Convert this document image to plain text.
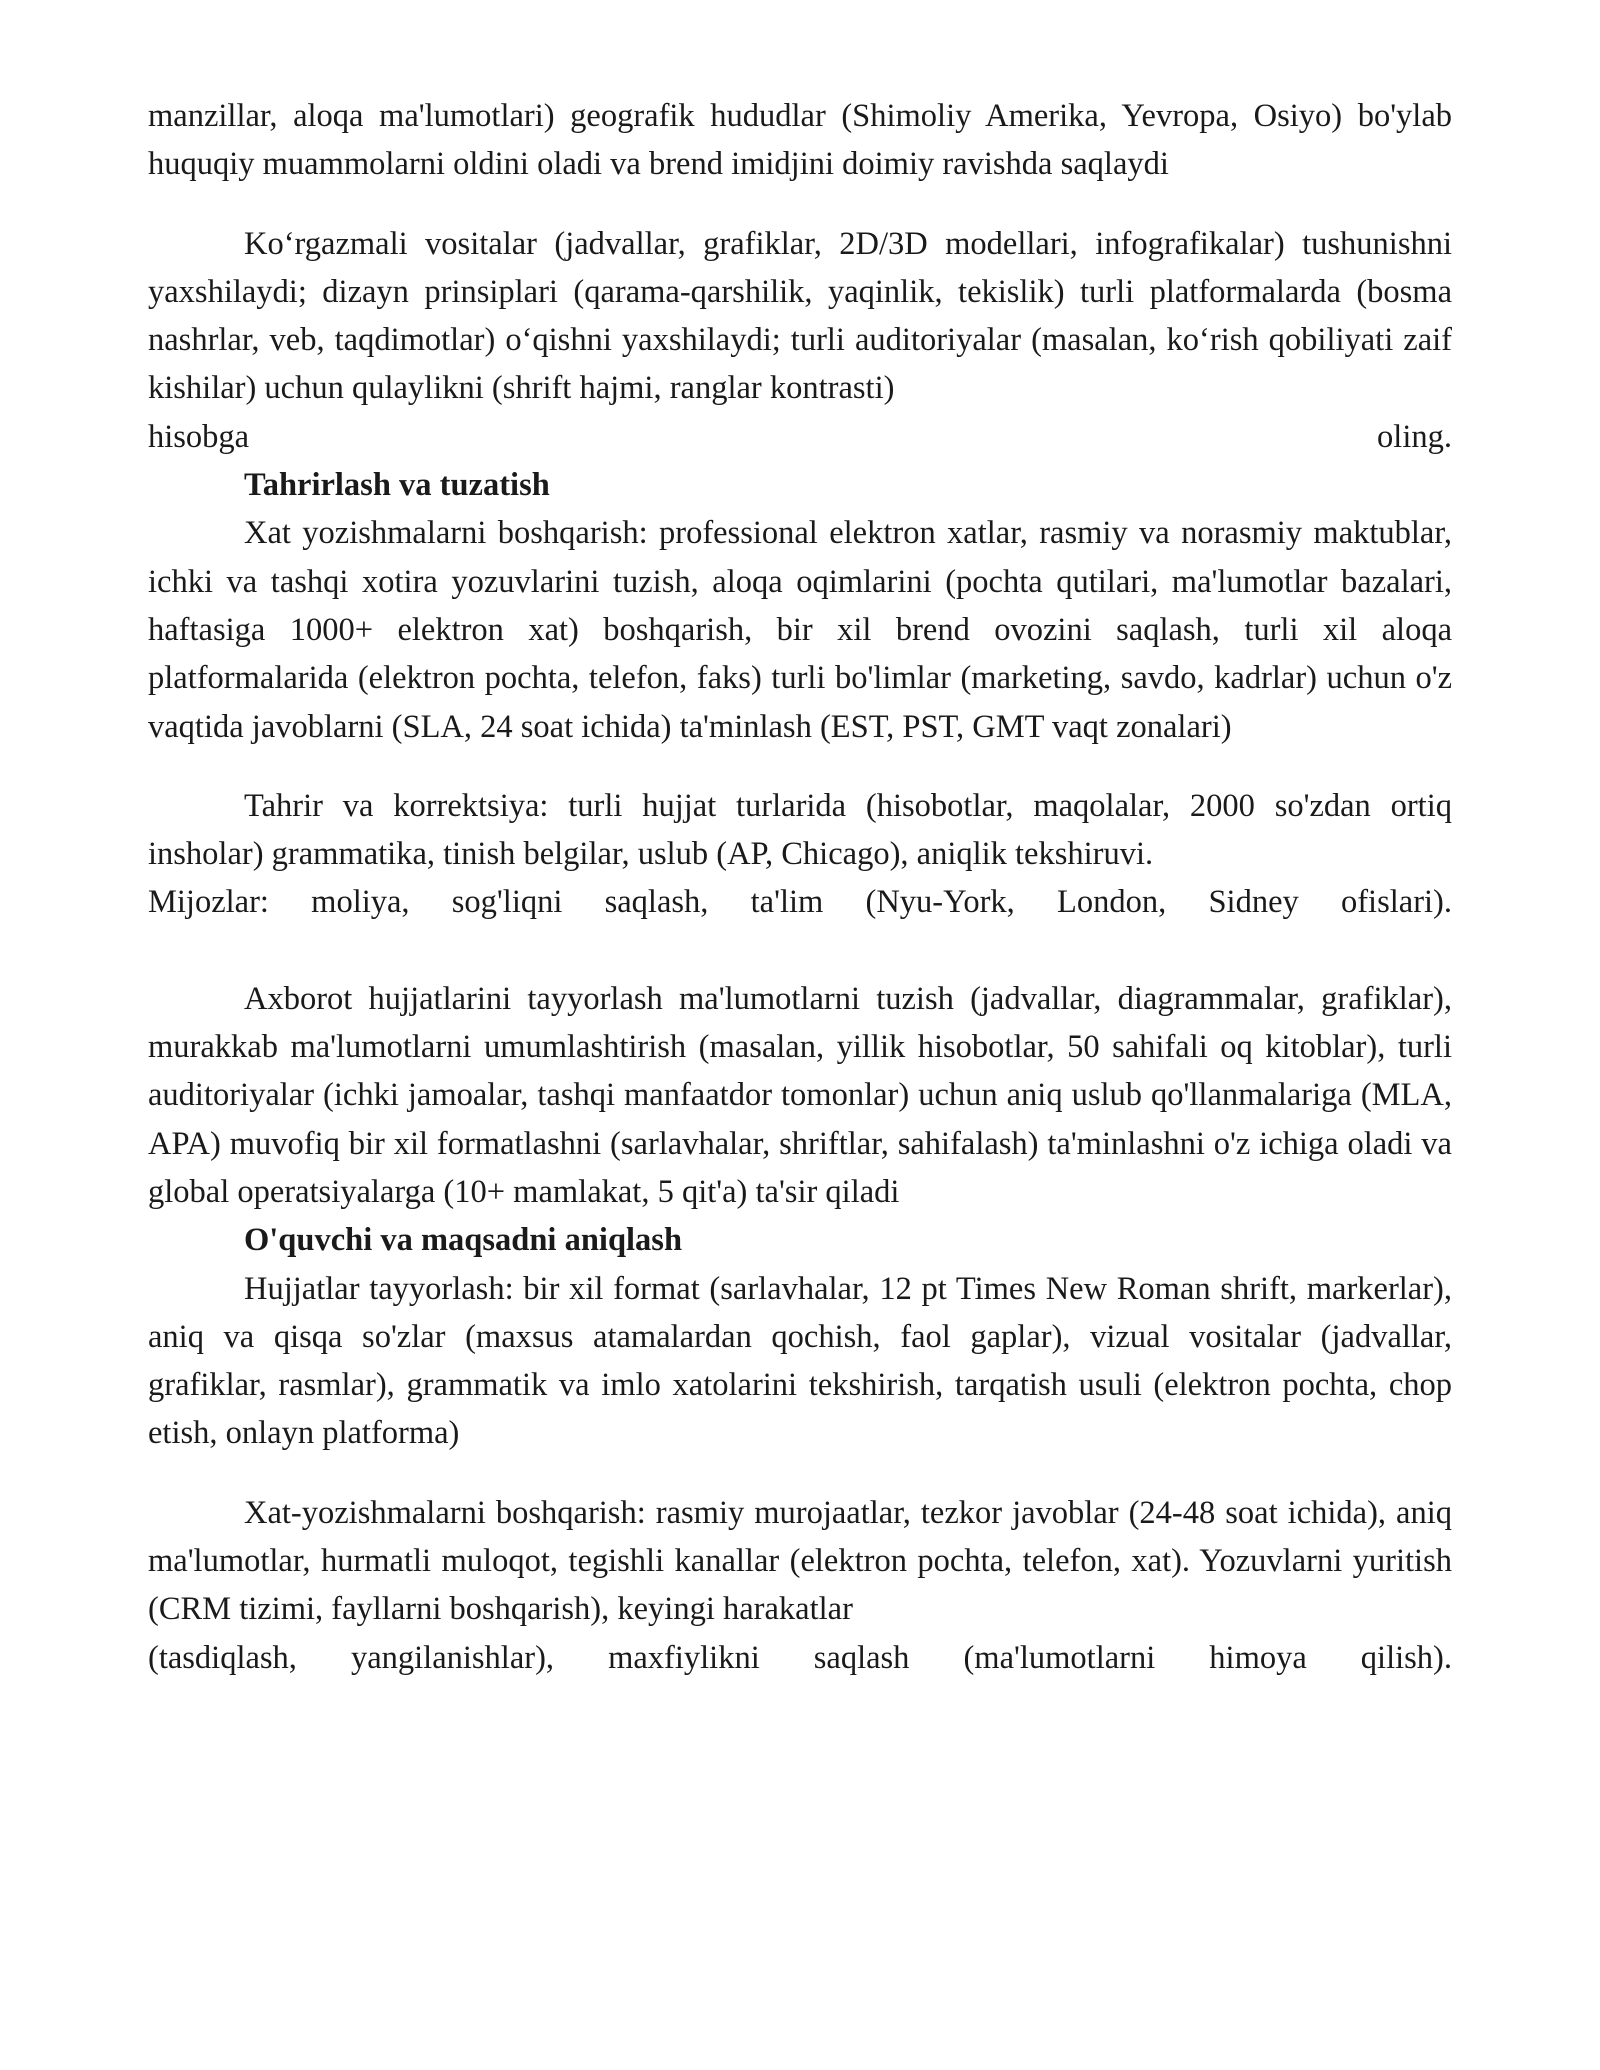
manzillar, aloqa ma'lumotlari) geografik hududlar (Shimoliy Amerika, Yevropa, Osiyo) bo'ylab huquqiy muammolarni oldini oladi va brend imidjini doimiy ravishda saqlaydi

Ko‘rgazmali vositalar (jadvallar, grafiklar, 2D/3D modellari, infografikalar) tushunishni yaxshilaydi; dizayn prinsiplari (qarama-qarshilik, yaqinlik, tekislik) turli platformalarda (bosma nashrlar, veb, taqdimotlar) o‘qishni yaxshilaydi; turli auditoriyalar (masalan, ko‘rish qobiliyati zaif kishilar) uchun qulaylikni (shrift hajmi, ranglar kontrasti)

hisobga oling.

Tahrirlash va tuzatish

Xat yozishmalarni boshqarish: professional elektron xatlar, rasmiy va norasmiy maktublar, ichki va tashqi xotira yozuvlarini tuzish, aloqa oqimlarini (pochta qutilari, ma'lumotlar bazalari, haftasiga 1000+ elektron xat) boshqarish, bir xil brend ovozini saqlash, turli xil aloqa platformalarida (elektron pochta, telefon, faks) turli bo'limlar (marketing, savdo, kadrlar) uchun o'z vaqtida javoblarni (SLA, 24 soat ichida) ta'minlash (EST, PST, GMT vaqt zonalari)

Tahrir va korrektsiya: turli hujjat turlarida (hisobotlar, maqolalar, 2000 so'zdan ortiq insholar) grammatika, tinish belgilar, uslub (AP, Chicago), aniqlik tekshiruvi.

Mijozlar: moliya, sog'liqni saqlash, ta'lim (Nyu-York, London, Sidney ofislari).

Axborot hujjatlarini tayyorlash ma'lumotlarni tuzish (jadvallar, diagrammalar, grafiklar), murakkab ma'lumotlarni umumlashtirish (masalan, yillik hisobotlar, 50 sahifali oq kitoblar), turli auditoriyalar (ichki jamoalar, tashqi manfaatdor tomonlar) uchun aniq uslub qo'llanmalariga (MLA, APA) muvofiq bir xil formatlashni (sarlavhalar, shriftlar, sahifalash) ta'minlashni o'z ichiga oladi va global operatsiyalarga (10+ mamlakat, 5 qit'a) ta'sir qiladi

O'quvchi va maqsadni aniqlash

Hujjatlar tayyorlash: bir xil format (sarlavhalar, 12 pt Times New Roman shrift, markerlar), aniq va qisqa so'zlar (maxsus atamalardan qochish, faol gaplar), vizual vositalar (jadvallar, grafiklar, rasmlar), grammatik va imlo xatolarini tekshirish, tarqatish usuli (elektron pochta, chop etish, onlayn platforma)

Xat-yozishmalarni boshqarish: rasmiy murojaatlar, tezkor javoblar (24-48 soat ichida), aniq ma'lumotlar, hurmatli muloqot, tegishli kanallar (elektron pochta, telefon, xat). Yozuvlarni yuritish (CRM tizimi, fayllarni boshqarish), keyingi harakatlar

(tasdiqlash, yangilanishlar), maxfiylikni saqlash (ma'lumotlarni himoya qilish).
